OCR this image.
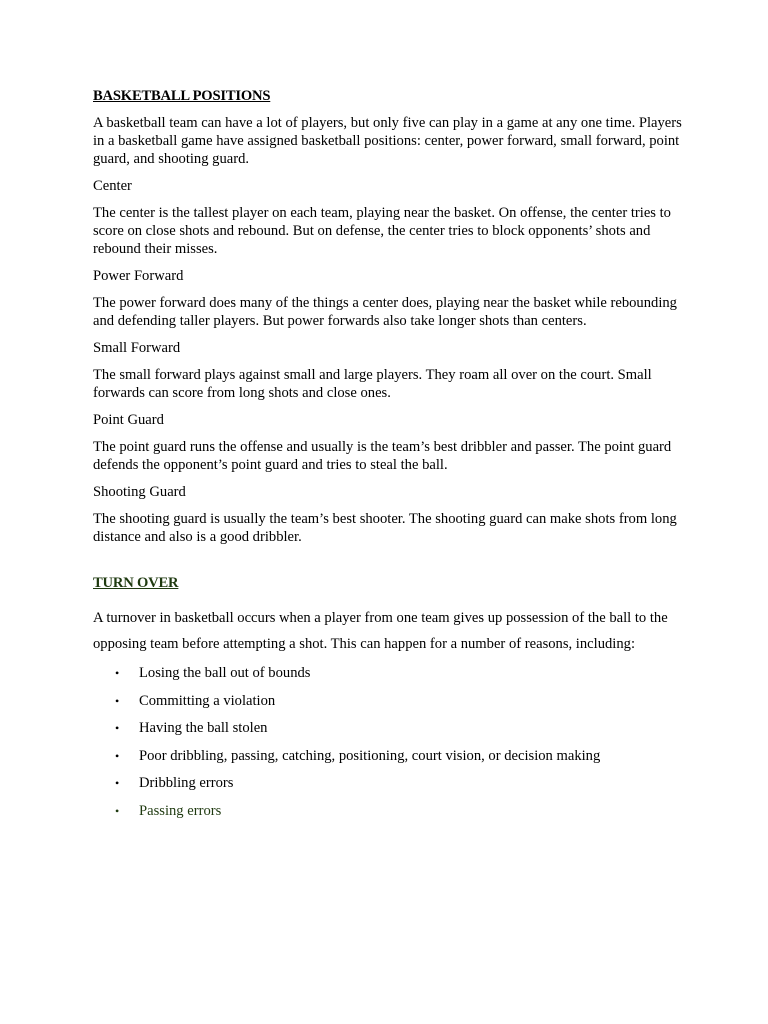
BASKETBALL POSITIONS

A basketball team can have a lot of players, but only five can play in a game at any one time. Players in a basketball game have assigned basketball positions: center, power forward, small forward, point guard, and shooting guard.

Center

The center is the tallest player on each team, playing near the basket. On offense, the center tries to score on close shots and rebound. But on defense, the center tries to block opponents’ shots and rebound their misses.

Power Forward

The power forward does many of the things a center does, playing near the basket while rebounding and defending taller players. But power forwards also take longer shots than centers.

Small Forward

The small forward plays against small and large players. They roam all over on the court. Small forwards can score from long shots and close ones.

Point Guard

The point guard runs the offense and usually is the team’s best dribbler and passer. The point guard defends the opponent’s point guard and tries to steal the ball.

Shooting Guard

The shooting guard is usually the team’s best shooter. The shooting guard can make shots from long distance and also is a good dribbler.

TURN OVER

A turnover in basketball occurs when a player from one team gives up possession of the ball to the opposing team before attempting a shot. This can happen for a number of reasons, including:

• Losing the ball out of bounds
• Committing a violation
• Having the ball stolen
• Poor dribbling, passing, catching, positioning, court vision, or decision making
• Dribbling errors
• Passing errors
